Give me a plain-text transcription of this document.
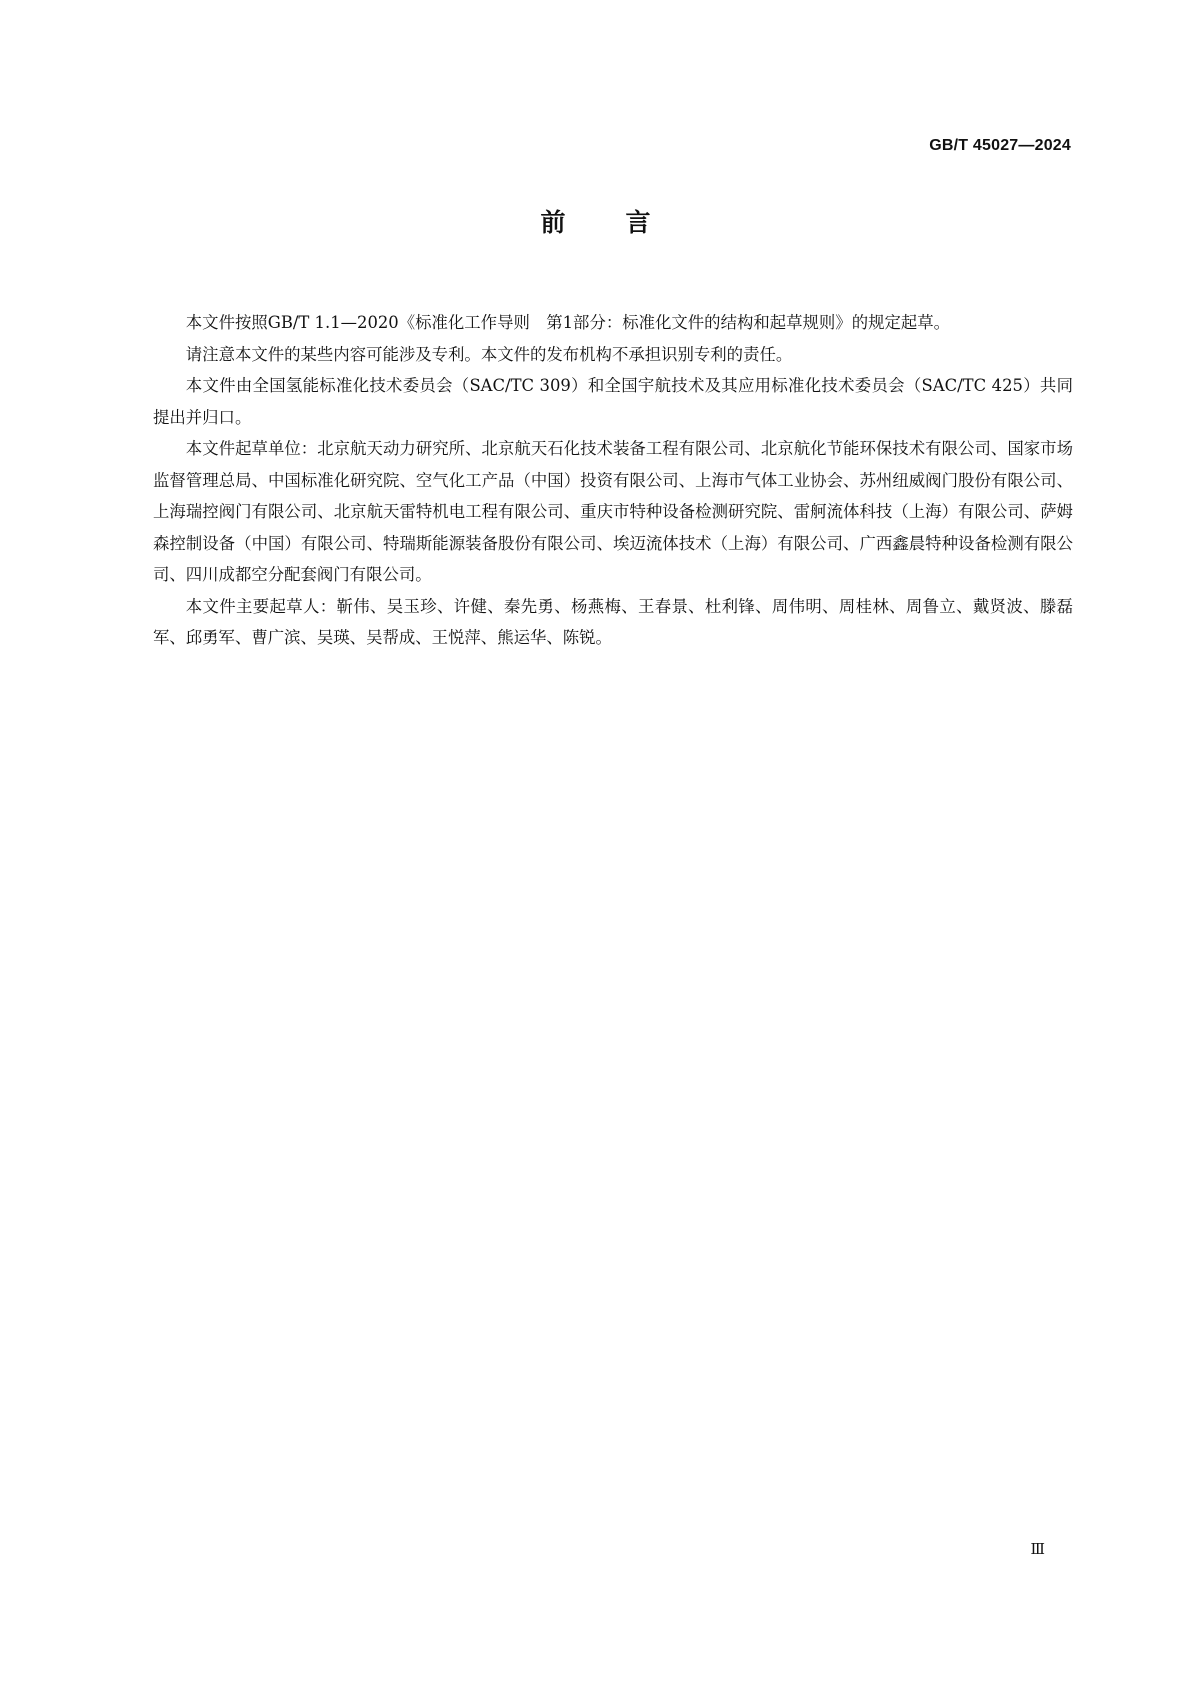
GB/T 45027—2024
前言

本文件按照GB/T 1.1—2020《标准化工作导则　第1部分：标准化文件的结构和起草规则》的规定起草。

请注意本文件的某些内容可能涉及专利。本文件的发布机构不承担识别专利的责任。

本文件由全国氢能标准化技术委员会（SAC/TC 309）和全国宇航技术及其应用标准化技术委员会（SAC/TC 425）共同提出并归口。

本文件起草单位：北京航天动力研究所、北京航天石化技术装备工程有限公司、北京航化节能环保技术有限公司、国家市场监督管理总局、中国标准化研究院、空气化工产品（中国）投资有限公司、上海市气体工业协会、苏州纽威阀门股份有限公司、上海瑞控阀门有限公司、北京航天雷特机电工程有限公司、重庆市特种设备检测研究院、雷舸流体科技（上海）有限公司、萨姆森控制设备（中国）有限公司、特瑞斯能源装备股份有限公司、埃迈流体技术（上海）有限公司、广西鑫晨特种设备检测有限公司、四川成都空分配套阀门有限公司。

本文件主要起草人：靳伟、吴玉珍、许健、秦先勇、杨燕梅、王春景、杜利锋、周伟明、周桂林、周鲁立、戴贤波、滕磊军、邱勇军、曹广滨、吴瑛、吴帮成、王悦萍、熊运华、陈锐。

Ⅲ
